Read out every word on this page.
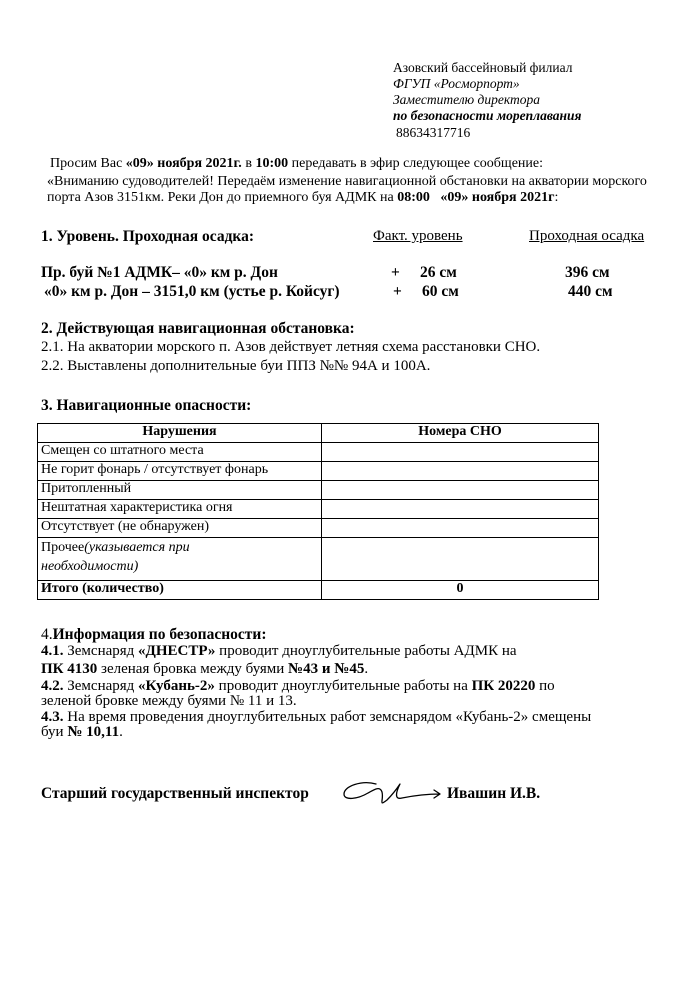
Азовский бассейновый филиал
ФГУП «Росморпорт»
Заместителю директора
по безопасности мореплавания
88634317716
Просим Вас «09» ноября 2021г. в 10:00 передавать в эфир следующее сообщение:
«Вниманию судоводителей! Передаём изменение навигационной обстановки на акватории морского
порта Азов 3151км. Реки Дон до приемного буя АДМК на 08:00 «09» ноября 2021г:
1. Уровень. Проходная осадка:	Факт. уровень	Проходная осадка
Пр. буй №1 АДМК– «0» км р. Дон	+ 26 см	396 см
«0» км р. Дон – 3151,0 км (устье р. Койсуг)	+ 60 см	440 см
2. Действующая навигационная обстановка:
2.1. На акватории морского п. Азов действует летняя схема расстановки СНО.
2.2. Выставлены дополнительные буи ППЗ №№ 94А и 100А.
3. Навигационные опасности:
Нарушения	Номера СНО
Смещен со штатного места	
Не горит фонарь / отсутствует фонарь	
Притопленный	
Нештатная характеристика огня	
Отсутствует (не обнаружен)	
Прочее(указывается при
необходимости)	
Итого (количество)	0
4.Информация по безопасности:
4.1. Земснаряд «ДНЕСТР» проводит дноуглубительные работы АДМК на
ПК 4130 зеленая бровка между буями №43 и №45.
4.2. Земснаряд «Кубань-2» проводит дноуглубительные работы на ПК 20220 по
зеленой бровке между буями № 11 и 13.
4.3. На время проведения дноуглубительных работ земснарядом «Кубань-2» смещены
буи № 10,11.
Старший государственный инспектор	Ивашин И.В.
